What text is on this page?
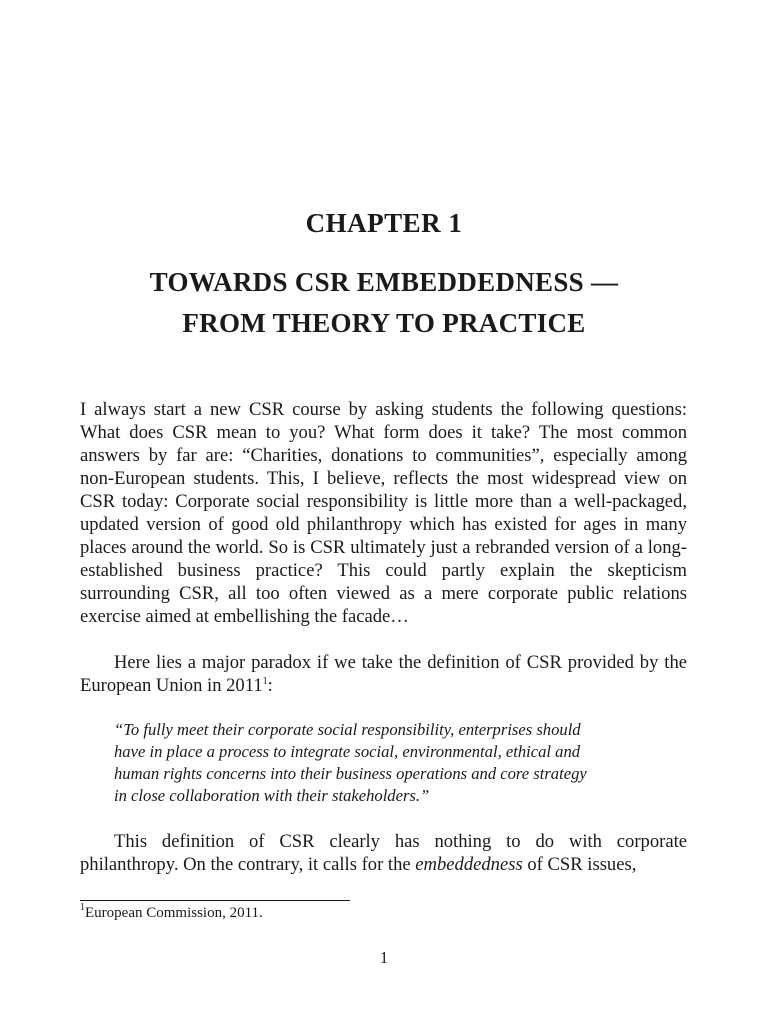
CHAPTER 1
TOWARDS CSR EMBEDDEDNESS —
FROM THEORY TO PRACTICE

I always start a new CSR course by asking students the following questions: What does CSR mean to you? What form does it take? The most common answers by far are: “Charities, donations to communities”, especially among non-European students. This, I believe, reflects the most widespread view on CSR today: Corporate social responsibility is little more than a well-packaged, updated version of good old philanthropy which has existed for ages in many places around the world. So is CSR ultimately just a rebranded version of a long-established business practice? This could partly explain the skepticism surrounding CSR, all too often viewed as a mere corporate public relations exercise aimed at embellishing the facade…

Here lies a major paradox if we take the definition of CSR provided by the European Union in 2011$^1$:

“To fully meet their corporate social responsibility, enterprises should
have in place a process to integrate social, environmental, ethical and
human rights concerns into their business operations and core strategy
in close collaboration with their stakeholders.”

This definition of CSR clearly has nothing to do with corporate philanthropy. On the contrary, it calls for the embeddedness of CSR issues,

$^1$European Commission, 2011.

1
